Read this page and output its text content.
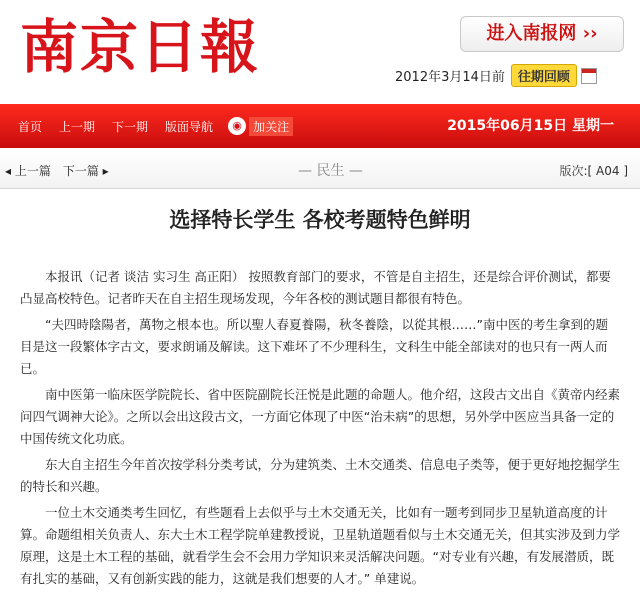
南京日報	进入南报网 ››
2012年3月14日前	往期回顾
首页 上一期 下一期 版面导航	◉ 加关注	2015年06月15日 星期一
◂ 上一篇 下一篇 ▸	— 民生 —	版次:[ A04 ]
选择特长学生 各校考题特色鲜明

本报讯（记者 谈洁 实习生 高正阳） 按照教育部门的要求，不管是自主招生，还是综合评价测试，都要凸显高校特色。记者昨天在自主招生现场发现，今年各校的测试题目都很有特色。

“夫四時陰陽者，萬物之根本也。所以聖人春夏養陽，秋冬養陰，以從其根……”南中医的考生拿到的题目是这一段繁体字古文，要求朗诵及解读。这下难坏了不少理科生，文科生中能全部读对的也只有一两人而已。

南中医第一临床医学院院长、省中医院副院长汪悦是此题的命题人。他介绍，这段古文出自《黄帝内经素问四气调神大论》。之所以会出这段古文，一方面它体现了中医“治未病”的思想，另外学中医应当具备一定的中国传统文化功底。

东大自主招生今年首次按学科分类考试，分为建筑类、土木交通类、信息电子类等，便于更好地挖掘学生的特长和兴趣。

一位土木交通类考生回忆，有些题看上去似乎与土木交通无关，比如有一题考到同步卫星轨道高度的计算。命题组相关负责人、东大土木工程学院单建教授说，卫星轨道题看似与土木交通无关，但其实涉及到力学原理，这是土木工程的基础，就看学生会不会用力学知识来灵活解决问题。“对专业有兴趣，有发展潜质，既有扎实的基础，又有创新实践的能力，这就是我们想要的人才。” 单建说。
